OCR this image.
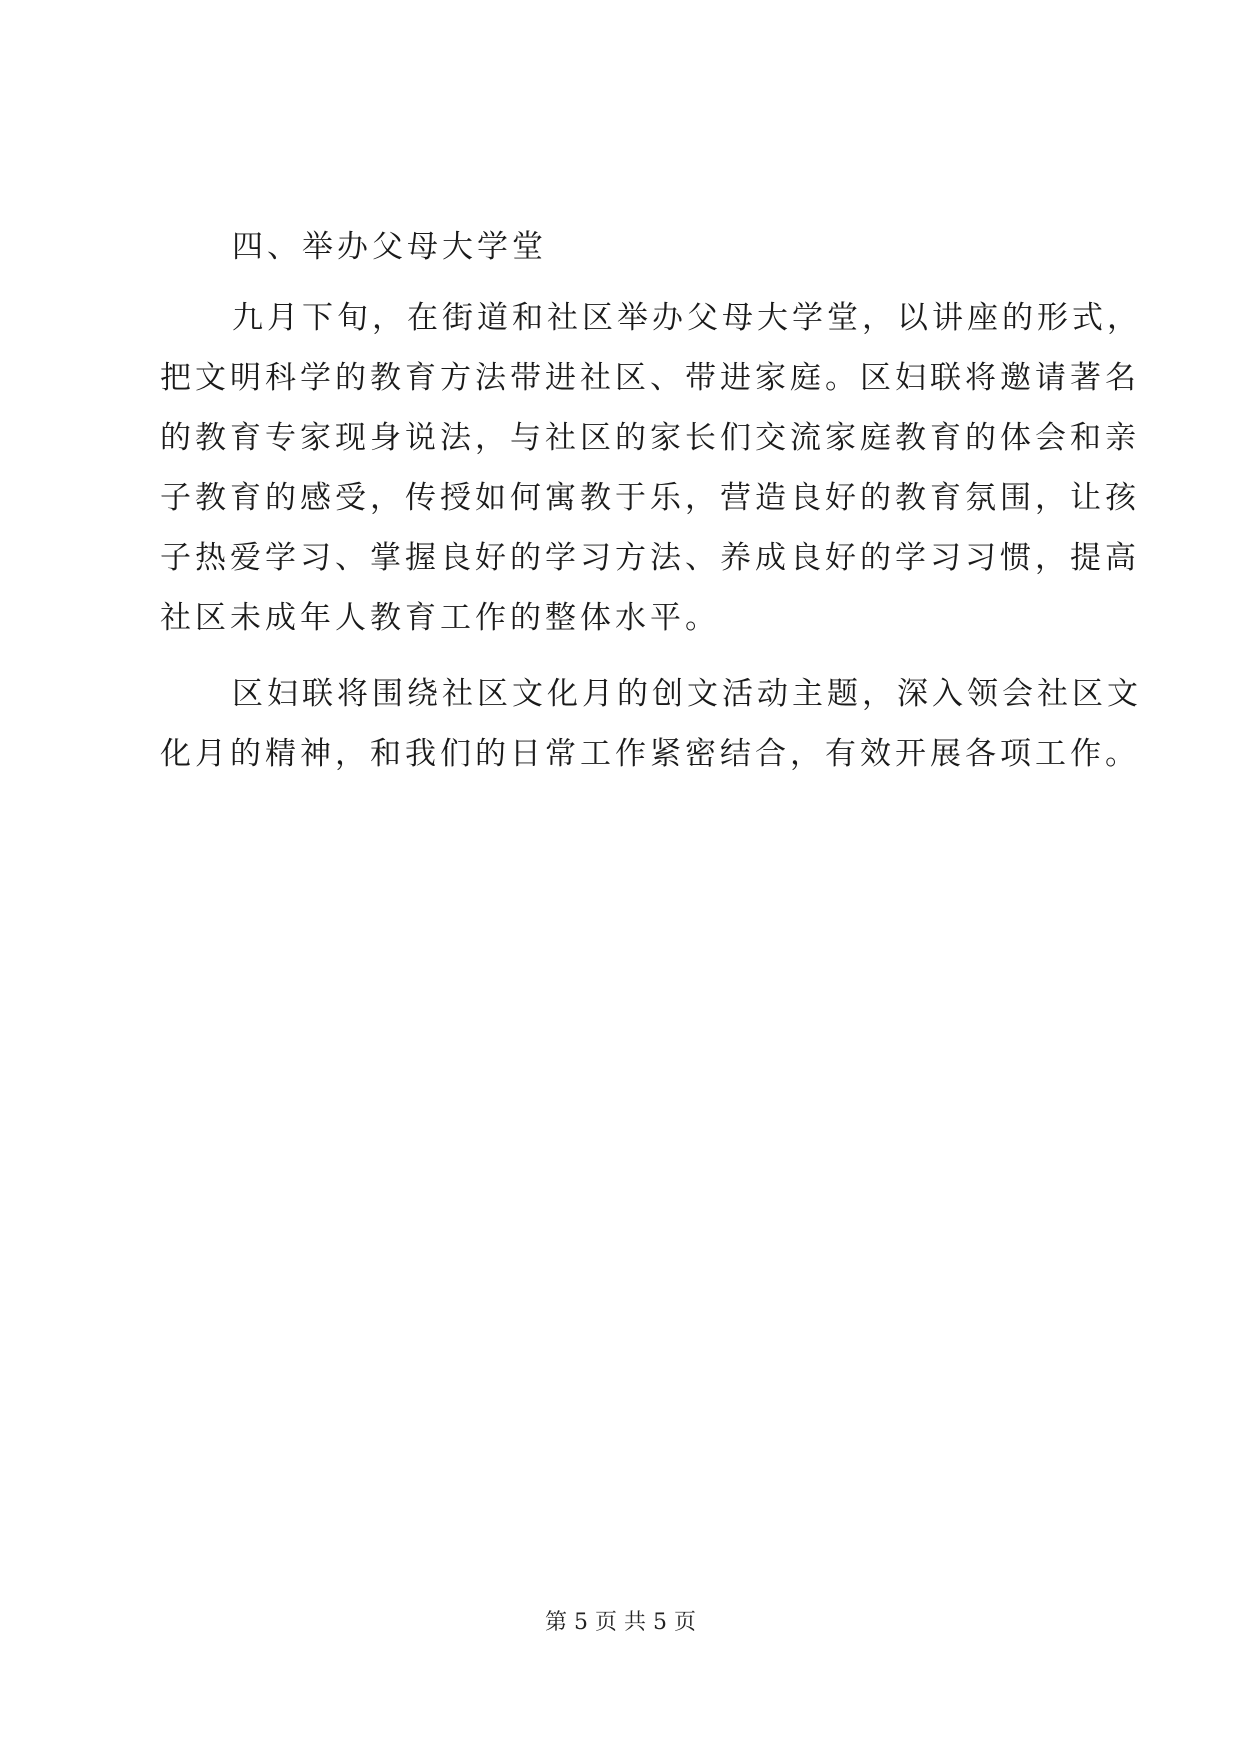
四、举办父母大学堂
九月下旬，在街道和社区举办父母大学堂，以讲座的形式，
把文明科学的教育方法带进社区、带进家庭。区妇联将邀请著名
的教育专家现身说法，与社区的家长们交流家庭教育的体会和亲
子教育的感受，传授如何寓教于乐，营造良好的教育氛围，让孩
子热爱学习、掌握良好的学习方法、养成良好的学习习惯，提高
社区未成年人教育工作的整体水平。
区妇联将围绕社区文化月的创文活动主题，深入领会社区文
化月的精神，和我们的日常工作紧密结合，有效开展各项工作。
第 5 页 共 5 页
